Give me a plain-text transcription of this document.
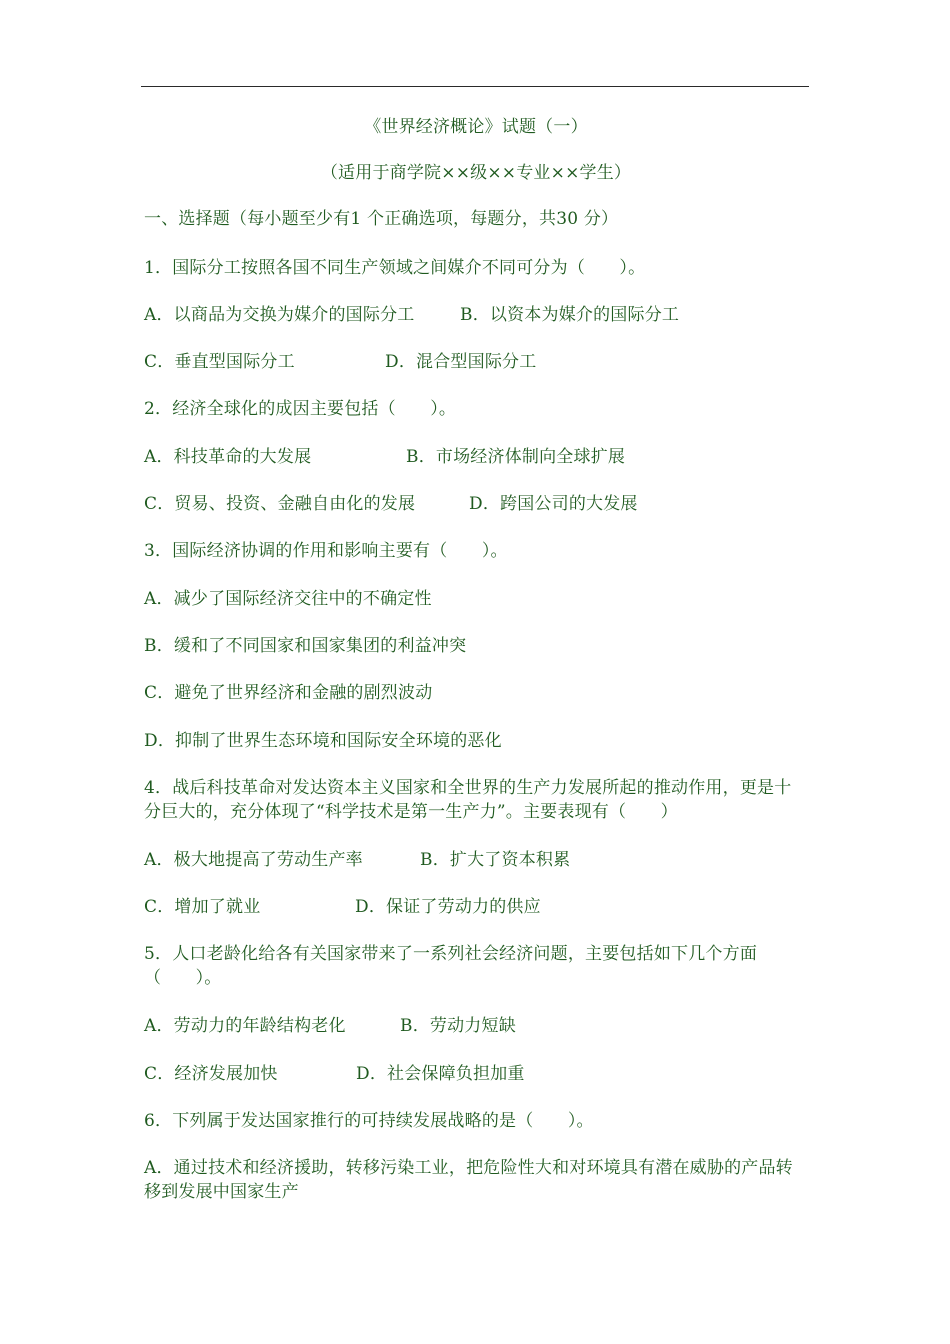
《世界经济概论》试题（一）
（适用于商学院××级××专业××学生）
一、选择题（每小题至少有1 个正确选项，每题分，共30 分）
1．国际分工按照各国不同生产领域之间媒介不同可分为（　　）。
A．以商品为交换为媒介的国际分工	B．以资本为媒介的国际分工
C．垂直型国际分工	D．混合型国际分工
2．经济全球化的成因主要包括（　　）。
A．科技革命的大发展	B．市场经济体制向全球扩展
C．贸易、投资、金融自由化的发展	D．跨国公司的大发展
3．国际经济协调的作用和影响主要有（　　）。
A．减少了国际经济交往中的不确定性
B．缓和了不同国家和国家集团的利益冲突
C．避免了世界经济和金融的剧烈波动
D．抑制了世界生态环境和国际安全环境的恶化
4．战后科技革命对发达资本主义国家和全世界的生产力发展所起的推动作用，更是十分巨大的，充分体现了“科学技术是第一生产力”。主要表现有（　　）
A．极大地提高了劳动生产率	B．扩大了资本积累
C．增加了就业	D．保证了劳动力的供应
5．人口老龄化给各有关国家带来了一系列社会经济问题，主要包括如下几个方面（　　）。
A．劳动力的年龄结构老化	B．劳动力短缺
C．经济发展加快	D．社会保障负担加重
6．下列属于发达国家推行的可持续发展战略的是（　　）。
A．通过技术和经济援助，转移污染工业，把危险性大和对环境具有潜在威胁的产品转移到发展中国家生产
